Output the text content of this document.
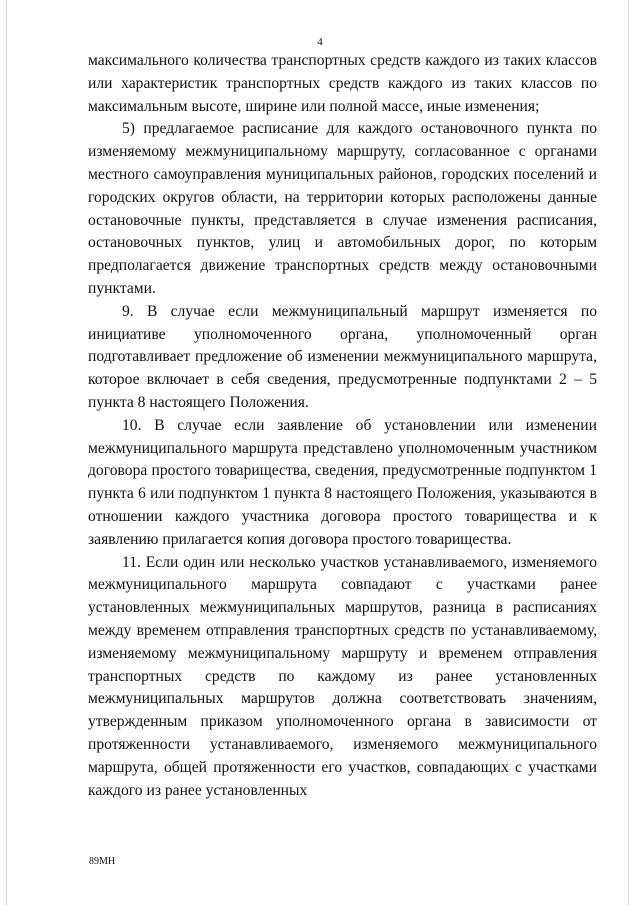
4

максимального количества транспортных средств каждого из таких классов или характеристик транспортных средств каждого из таких классов по максимальным высоте, ширине или полной массе, иные изменения;

5) предлагаемое расписание для каждого остановочного пункта по изменяемому межмуниципальному маршруту, согласованное с органами местного самоуправления муниципальных районов, городских поселений и городских округов области, на территории которых расположены данные остановочные пункты, представляется в случае изменения расписания, остановочных пунктов, улиц и автомобильных дорог, по которым предполагается движение транспортных средств между остановочными пунктами.

9. В случае если межмуниципальный маршрут изменяется по инициативе уполномоченного органа, уполномоченный орган подготавливает предложение об изменении межмуниципального маршрута, которое включает в себя сведения, предусмотренные подпунктами 2 – 5 пункта 8 настоящего Положения.

10. В случае если заявление об установлении или изменении межмуниципального маршрута представлено уполномоченным участником договора простого товарищества, сведения, предусмотренные подпунктом 1 пункта 6 или подпунктом 1 пункта 8 настоящего Положения, указываются в отношении каждого участника договора простого товарищества и к заявлению прилагается копия договора простого товарищества.

11. Если один или несколько участков устанавливаемого, изменяемого межмуниципального маршрута совпадают с участками ранее установленных межмуниципальных маршрутов, разница в расписаниях между временем отправления транспортных средств по устанавливаемому, изменяемому межмуниципальному маршруту и временем отправления транспортных средств по каждому из ранее установленных межмуниципальных маршрутов должна соответствовать значениям, утвержденным приказом уполномоченного органа в зависимости от протяженности устанавливаемого, изменяемого межмуниципального маршрута, общей протяженности его участков, совпадающих с участками каждого из ранее установленных

89МН
